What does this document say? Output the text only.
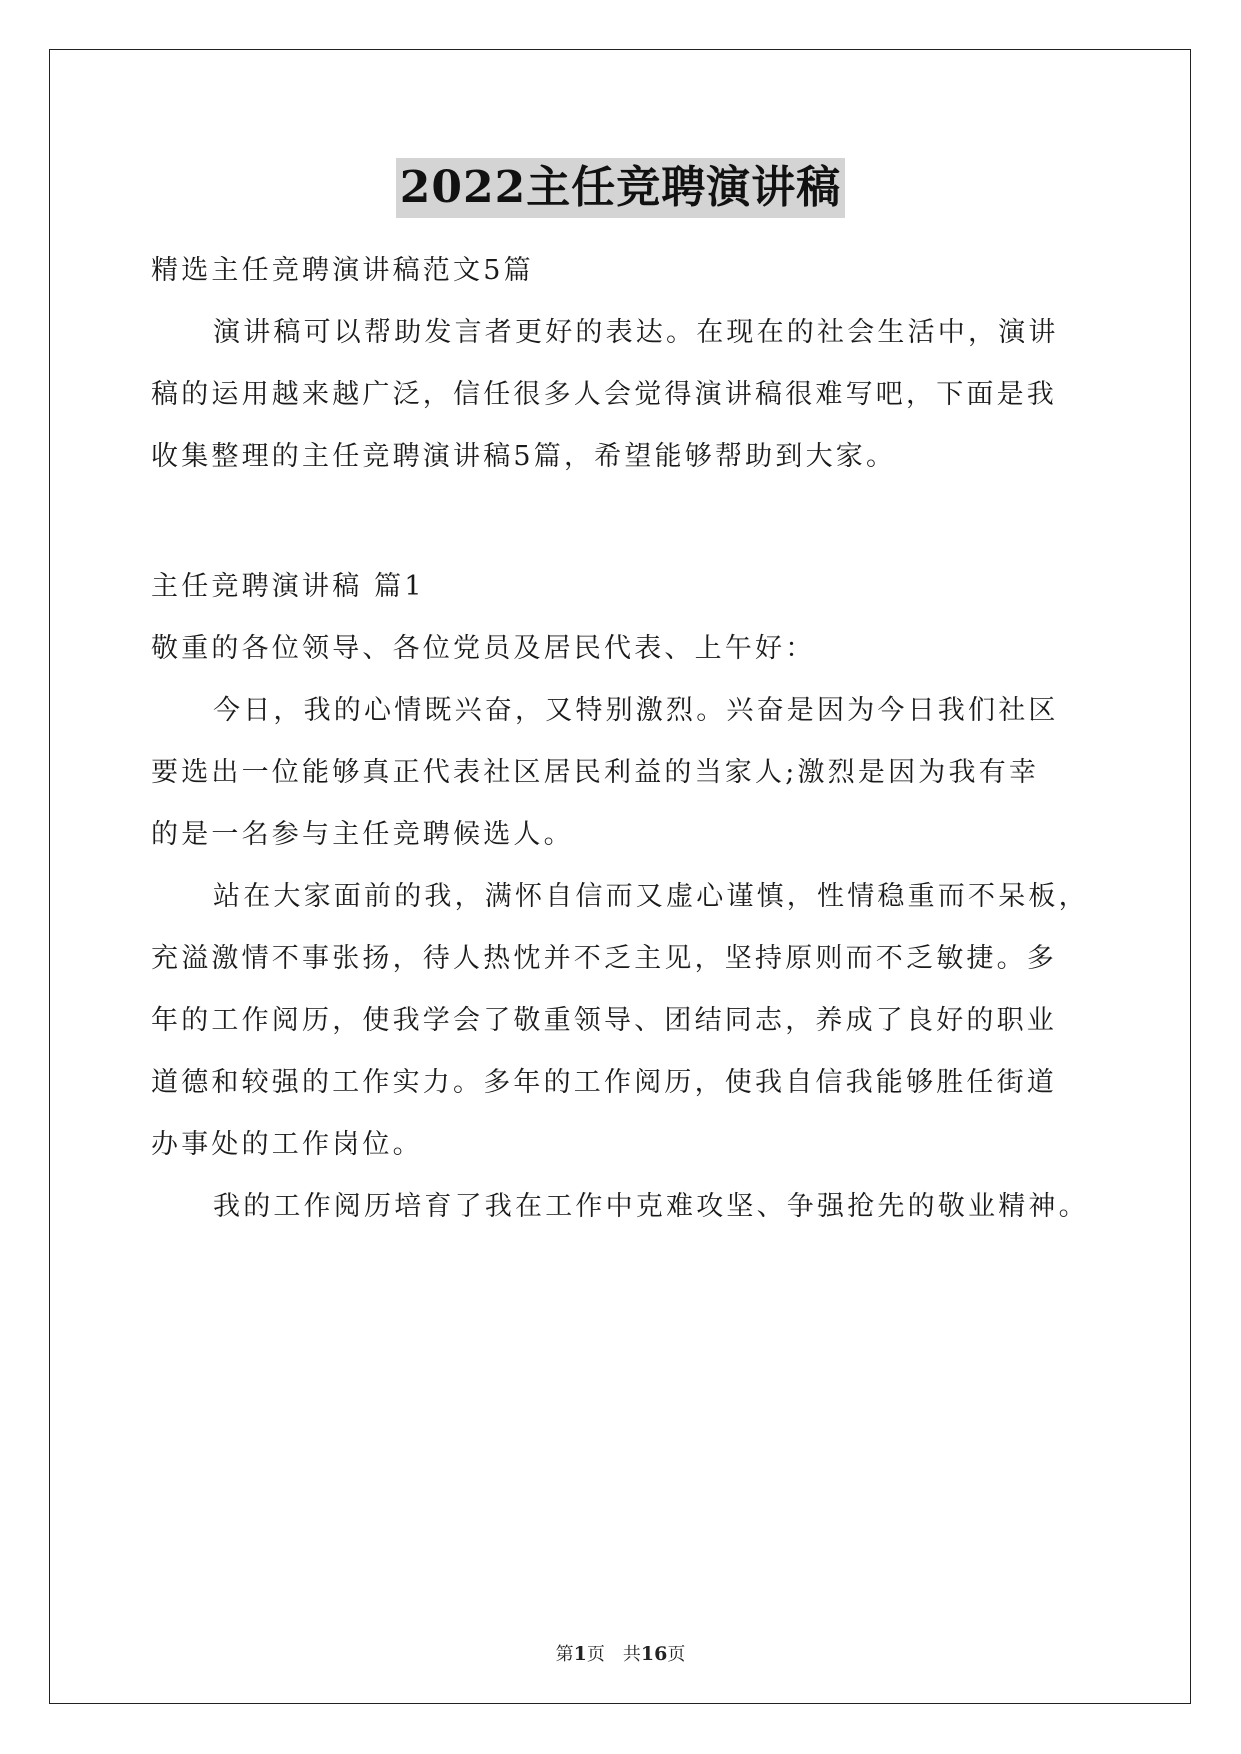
2022主任竞聘演讲稿
精选主任竞聘演讲稿范文5篇
演讲稿可以帮助发言者更好的表达。在现在的社会生活中，演讲
稿的运用越来越广泛，信任很多人会觉得演讲稿很难写吧，下面是我
收集整理的主任竞聘演讲稿5篇，希望能够帮助到大家。
主任竞聘演讲稿 篇1
敬重的各位领导、各位党员及居民代表、上午好：
今日，我的心情既兴奋，又特别激烈。兴奋是因为今日我们社区
要选出一位能够真正代表社区居民利益的当家人;激烈是因为我有幸
的是一名参与主任竞聘候选人。
站在大家面前的我，满怀自信而又虚心谨慎，性情稳重而不呆板，
充溢激情不事张扬，待人热忱并不乏主见，坚持原则而不乏敏捷。多
年的工作阅历，使我学会了敬重领导、团结同志，养成了良好的职业
道德和较强的工作实力。多年的工作阅历，使我自信我能够胜任街道
办事处的工作岗位。
我的工作阅历培育了我在工作中克难攻坚、争强抢先的敬业精神。
第1页 共16页
